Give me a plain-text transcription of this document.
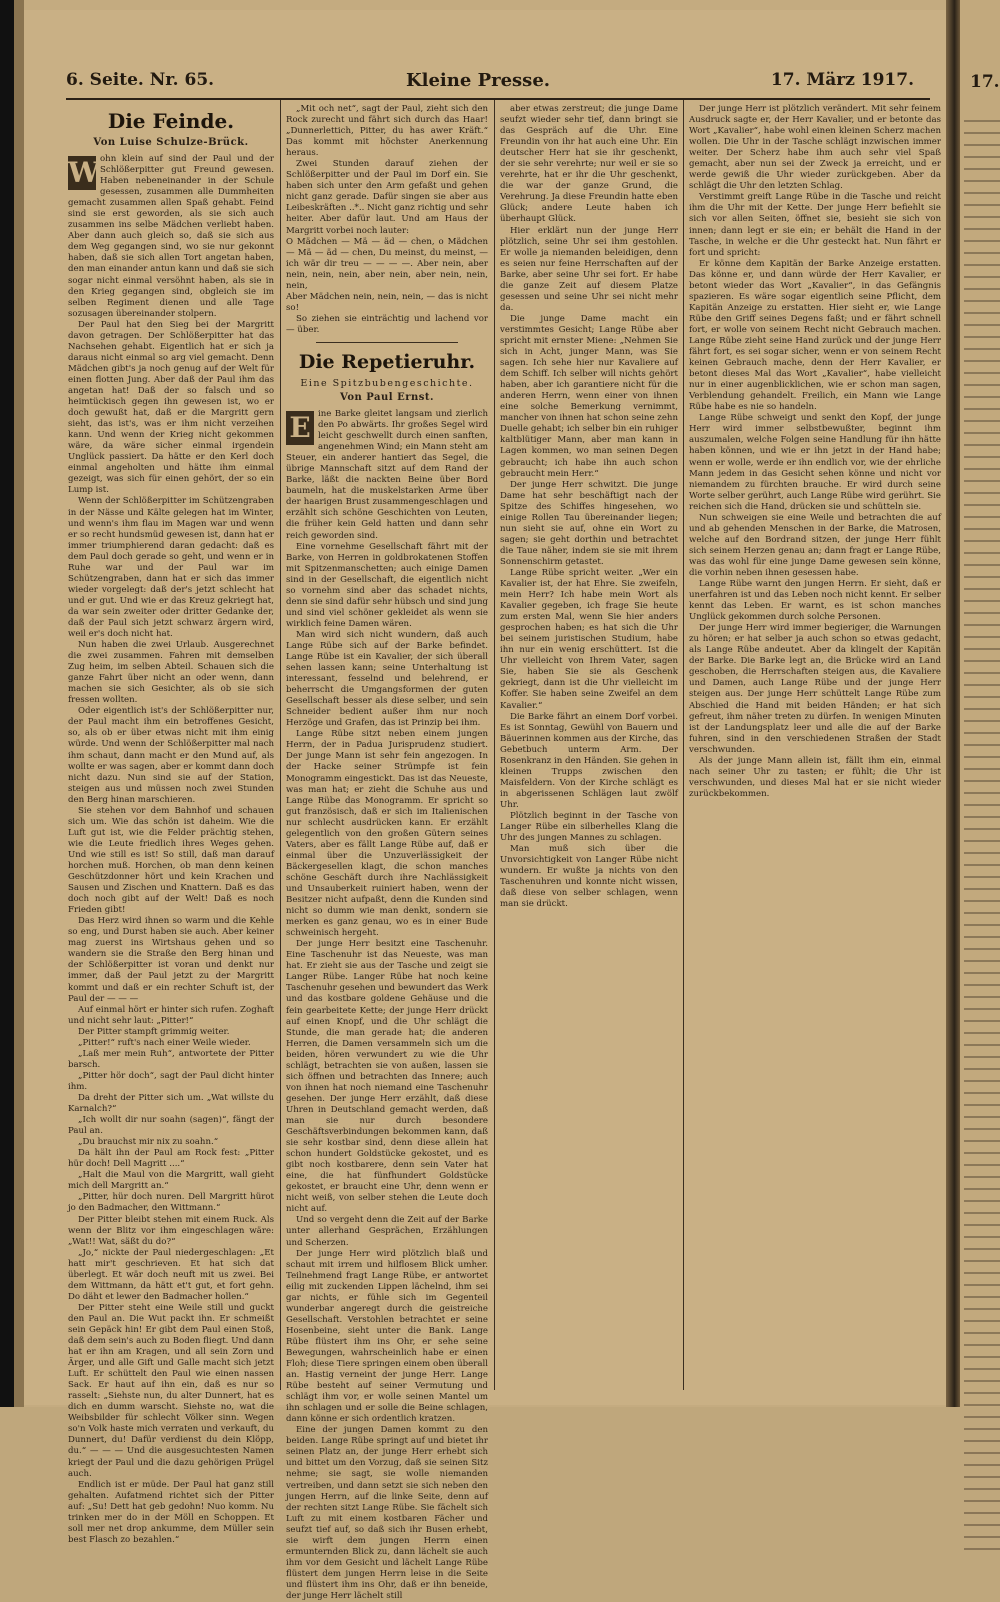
6. Seite. Nr. 65.	Kleine Presse.	17. März 1917.
Die Feinde.
Von Luise Schulze-Brück.
W ohn klein auf sind der Paul und der Schlößerpitter gut Freund gewesen. Haben nebeneinander in der Schule gesessen, zusammen alle Dummheiten gemacht zusammen allen Spaß gehabt. Feind sind sie erst geworden, als sie sich auch zusammen ins selbe Mädchen verliebt haben. Aber dann auch gleich so, daß sie sich aus dem Weg gegangen sind, wo sie nur gekonnt haben, daß sie sich allen Tort angetan haben, den man einander antun kann und daß sie sich sogar nicht einmal versöhnt haben, als sie in den Krieg gegangen sind, obgleich sie im selben Regiment dienen und alle Tage sozusagen übereinander stolpern.

Der Paul hat den Sieg bei der Margritt davon getragen. Der Schlößerpitter hat das Nachsehen gehabt. Eigentlich hat er sich ja daraus nicht einmal so arg viel gemacht. Denn Mädchen gibt's ja noch genug auf der Welt für einen flotten Jung. Aber daß der Paul ihm das angetan hat! Daß der so falsch und so heimtückisch gegen ihn gewesen ist, wo er doch gewußt hat, daß er die Margritt gern sieht, das ist's, was er ihm nicht verzeihen kann. Und wenn der Krieg nicht gekommen wäre, da wäre sicher einmal irgendein Unglück passiert. Da hätte er den Kerl doch einmal angeholten und hätte ihm einmal gezeigt, was sich für einen gehört, der so ein Lump ist.

Wenn der Schlößerpitter im Schützengraben in der Nässe und Kälte gelegen hat im Winter, und wenn's ihm flau im Magen war und wenn er so recht hundsmüd gewesen ist, dann hat er immer triumphierend daran gedacht: daß es dem Paul doch gerade so geht, und wenn er in Ruhe war und der Paul war im Schützengraben, dann hat er sich das immer wieder vorgelegt: daß der's jetzt schlecht hat und er gut. Und wie er das Kreuz gekriegt hat, da war sein zweiter oder dritter Gedanke der, daß der Paul sich jetzt schwarz ärgern wird, weil er's doch nicht hat.

Nun haben die zwei Urlaub. Ausgerechnet die zwei zusammen. Fahren mit demselben Zug heim, im selben Abteil. Schauen sich die ganze Fahrt über nicht an oder wenn, dann machen sie sich Gesichter, als ob sie sich fressen wollten.

Oder eigentlich ist's der Schlößerpitter nur, der Paul macht ihm ein betroffenes Gesicht, so, als ob er über etwas nicht mit ihm einig würde. Und wenn der Schlößerpitter mal nach ihm schaut, dann macht er den Mund auf, als wollte er was sagen, aber er kommt dann doch nicht dazu. Nun sind sie auf der Station, steigen aus und müssen noch zwei Stunden den Berg hinan marschieren.

Sie stehen vor dem Bahnhof und schauen sich um. Wie das schön ist daheim. Wie die Luft gut ist, wie die Felder prächtig stehen, wie die Leute friedlich ihres Weges gehen. Und wie still es ist! So still, daß man darauf horchen muß. Horchen, ob man denn keinen Geschützdonner hört und kein Krachen und Sausen und Zischen und Knattern. Daß es das doch noch gibt auf der Welt! Daß es noch Frieden gibt!

Das Herz wird ihnen so warm und die Kehle so eng, und Durst haben sie auch. Aber keiner mag zuerst ins Wirtshaus gehen und so wandern sie die Straße den Berg hinan und der Schlößerpitter ist voran und denkt nur immer, daß der Paul jetzt zu der Margritt kommt und daß er ein rechter Schuft ist, der Paul der — — —

Auf einmal hört er hinter sich rufen. Zoghaft und nicht sehr laut: „Pitter!“

Der Pitter stampft grimmig weiter.

„Pitter!“ ruft's nach einer Weile wieder.

„Laß mer mein Ruh“, antwortete der Pitter barsch.

„Pitter hör doch“, sagt der Paul dicht hinter ihm.

Da dreht der Pitter sich um. „Wat willste du Karnalch?“

„Ich wollt dir nur soahn (sagen)“, fängt der Paul an.

„Du brauchst mir nix zu soahn.“

Da hält ihn der Paul am Rock fest: „Pitter hür doch! Dell Magritt ....“

„Halt die Maul von die Margritt, wall gieht mich dell Margritt an.“

„Pitter, hür doch nuren. Dell Margritt hürot jo den Badmacher, den Wittmann.“

Der Pitter bleibt stehen mit einem Ruck. Als wenn der Blitz vor ihm eingeschlagen wäre: „Wat!! Wat, säßt du do?“

„Jo,“ nickte der Paul niedergeschlagen: „Et hatt mir't geschrieven. Et hat sich dat überlegt. Et wär doch neuft mit us zwei. Bei dem Wittmann, da hätt et't gut, et fort gehn. Do däht et lewer den Badmacher hollen.“

Der Pitter steht eine Weile still und guckt den Paul an. Die Wut packt ihn. Er schmeißt sein Gepäck hin! Er gibt dem Paul einen Stoß, daß dem sein's auch zu Boden fliegt. Und dann hat er ihn am Kragen, und all sein Zorn und Ärger, und alle Gift und Galle macht sich jetzt Luft. Er schüttelt den Paul wie einen nassen Sack. Er haut auf ihn ein, daß es nur so rasselt: „Siehste nun, du alter Dunnert, hat es dich en dumm warscht. Siehste no, wat die Weibsbilder für schlecht Völker sinn. Wegen so'n Volk haste mich verraten und verkauft, du Dunnert, du! Dafür verdienst du dein Klöpp, du.“ — — — Und die ausgesuchtesten Namen kriegt der Paul und die dazu gehörigen Prügel auch.

Endlich ist er müde. Der Paul hat ganz still gehalten. Aufatmend richtet sich der Pitter auf: „Su! Dett hat geb gedohn! Nuo komm. Nu trinken mer do in der Möll en Schoppen. Et soll mer net drop ankumme, dem Müller sein best Flasch zo bezahlen.“

„Mit och net“, sagt der Paul, zieht sich den Rock zurecht und fährt sich durch das Haar! „Dunnerlettich, Pitter, du has awer Kräft.“ Das kommt mit höchster Anerkennung heraus.

Zwei Stunden darauf ziehen der Schlößerpitter und der Paul im Dorf ein. Sie haben sich unter den Arm gefaßt und gehen nicht ganz gerade. Dafür singen sie aber aus Leibeskräften ..*.. Nicht ganz richtig und sehr heiter. Aber dafür laut. Und am Haus der Margritt vorbei noch lauter:

O Mädchen — Mä — äd — chen, o Mädchen — Mä — äd — chen, Du meinst, du meinst, — ich wär dir treu — — — —. Aber nein, aber nein, nein, nein, aber nein, aber nein, nein, nein,

Aber Mädchen nein, nein, nein, — das is nicht so!

So ziehen sie einträchtig und lachend vor — über.

Die Repetieruhr.
Eine Spitzbubengeschichte.
Von Paul Ernst.
E ine Barke gleitet langsam und zierlich den Po abwärts. Ihr großes Segel wird leicht geschwellt durch einen sanften, angenehmen Wind; ein Mann steht am Steuer, ein anderer hantiert das Segel, die übrige Mannschaft sitzt auf dem Rand der Barke, läßt die nackten Beine über Bord baumeln, hat die muskelstarken Arme über der haarigen Brust zusammengeschlagen und erzählt sich schöne Geschichten von Leuten, die früher kein Geld hatten und dann sehr reich geworden sind.

Eine vornehme Gesellschaft fährt mit der Barke, von Herren in goldbrokatenen Stoffen mit Spitzenmanschetten; auch einige Damen sind in der Gesellschaft, die eigentlich nicht so vornehm sind aber das schadet nichts, denn sie sind dafür sehr hübsch und sind jung und sind viel schöner gekleidet als wenn sie wirklich feine Damen wären.

Man wird sich nicht wundern, daß auch Lange Rübe sich auf der Barke befindet. Lange Rübe ist ein Kavalier, der sich überall sehen lassen kann; seine Unterhaltung ist interessant, fesselnd und belehrend, er beherrscht die Umgangsformen der guten Gesellschaft besser als diese selber, und sein Schneider bedient außer ihm nur noch Herzöge und Grafen, das ist Prinzip bei ihm.

Lange Rübe sitzt neben einem jungen Herrn, der in Padua Jurisprudenz studiert. Der junge Mann ist sehr fein angezogen. In der Hacke seiner Strümpfe ist fein Monogramm eingestickt. Das ist das Neueste, was man hat; er zieht die Schuhe aus und Lange Rübe das Monogramm. Er spricht so gut französisch, daß er sich im Italienischen nur schlecht ausdrücken kann. Er erzählt gelegentlich von den großen Gütern seines Vaters, aber es fällt Lange Rübe auf, daß er einmal über die Unzuverlässigkeit der Bäckergesellen klagt, die schon manches schöne Geschäft durch ihre Nachlässigkeit und Unsauberkeit ruiniert haben, wenn der Besitzer nicht aufpaßt, denn die Kunden sind nicht so dumm wie man denkt, sondern sie merken es ganz genau, wo es in einer Bude schweinisch hergeht.

Der junge Herr besitzt eine Taschenuhr. Eine Taschenuhr ist das Neueste, was man hat. Er zieht sie aus der Tasche und zeigt sie Langer Rübe. Langer Rübe hat noch keine Taschenuhr gesehen und bewundert das Werk und das kostbare goldene Gehäuse und die fein gearbeitete Kette; der junge Herr drückt auf einen Knopf, und die Uhr schlägt die Stunde, die man gerade hat; die anderen Herren, die Damen versammeln sich um die beiden, hören verwundert zu wie die Uhr schlägt, betrachten sie von außen, lassen sie sich öffnen und betrachten das Innere; auch von ihnen hat noch niemand eine Taschenuhr gesehen. Der junge Herr erzählt, daß diese Uhren in Deutschland gemacht werden, daß man sie nur durch besondere Geschäftsverbindungen bekommen kann, daß sie sehr kostbar sind, denn diese allein hat schon hundert Goldstücke gekostet, und es gibt noch kostbarere, denn sein Vater hat eine, die hat fünfhundert Goldstücke gekostet, er braucht eine Uhr, denn wenn er nicht weiß, von selber stehen die Leute doch nicht auf.

Und so vergeht denn die Zeit auf der Barke unter allerhand Gesprächen, Erzählungen und Scherzen.

Der junge Herr wird plötzlich blaß und schaut mit irrem und hilflosem Blick umher. Teilnehmend fragt Lange Rübe, er antwortet eilig mit zuckenden Lippen lächelnd, ihm sei gar nichts, er fühle sich im Gegenteil wunderbar angeregt durch die geistreiche Gesellschaft. Verstohlen betrachtet er seine Hosenbeine, sieht unter die Bank. Lange Rübe flüstert ihm ins Ohr, er sehe seine Bewegungen, wahrscheinlich habe er einen Floh; diese Tiere springen einem oben überall an. Hastig verneint der junge Herr. Lange Rübe besteht auf seiner Vermutung und schlägt ihm vor, er wolle seinen Mantel um ihn schlagen und er solle die Beine schlagen, dann könne er sich ordentlich kratzen.

Eine der jungen Damen kommt zu den beiden. Lange Rübe springt auf und bietet ihr seinen Platz an, der junge Herr erhebt sich und bittet um den Vorzug, daß sie seinen Sitz nehme; sie sagt, sie wolle niemanden vertreiben, und dann setzt sie sich neben den jungen Herrn, auf die linke Seite, denn auf der rechten sitzt Lange Rübe. Sie fächelt sich Luft zu mit einem kostbaren Fächer und seufzt tief auf, so daß sich ihr Busen erhebt, sie wirft dem jungen Herrn einen ermunternden Blick zu, dann lächelt sie auch ihm vor dem Gesicht und lächelt Lange Rübe flüstert dem jungen Herrn leise in die Seite und flüstert ihm ins Ohr, daß er ihn beneide, der junge Herr lächelt still

aber etwas zerstreut; die junge Dame seufzt wieder sehr tief, dann bringt sie das Gespräch auf die Uhr. Eine Freundin von ihr hat auch eine Uhr. Ein deutscher Herr hat sie ihr geschenkt, der sie sehr verehrte; nur weil er sie so verehrte, hat er ihr die Uhr geschenkt, die war der ganze Grund, die Verehrung. Ja diese Freundin hatte eben Glück; andere Leute haben ich überhaupt Glück.

Hier erklärt nun der junge Herr plötzlich, seine Uhr sei ihm gestohlen. Er wolle ja niemanden beleidigen, denn es seien nur feine Herrschaften auf der Barke, aber seine Uhr sei fort. Er habe die ganze Zeit auf diesem Platze gesessen und seine Uhr sei nicht mehr da.

Die junge Dame macht ein verstimmtes Gesicht; Lange Rübe aber spricht mit ernster Miene: „Nehmen Sie sich in Acht, junger Mann, was Sie sagen. Ich sehe hier nur Kavaliere auf dem Schiff. Ich selber will nichts gehört haben, aber ich garantiere nicht für die anderen Herrn, wenn einer von ihnen eine solche Bemerkung vernimmt, mancher von ihnen hat schon seine zehn Duelle gehabt; ich selber bin ein ruhiger kaltblütiger Mann, aber man kann in Lagen kommen, wo man seinen Degen gebraucht; ich habe ihn auch schon gebraucht mein Herr.“

Der junge Herr schwitzt. Die junge Dame hat sehr beschäftigt nach der Spitze des Schiffes hingesehen, wo einige Rollen Tau übereinander liegen; nun sieht sie auf, ohne ein Wort zu sagen; sie geht dorthin und betrachtet die Taue näher, indem sie sie mit ihrem Sonnenschirm getastet.

Lange Rübe spricht weiter. „Wer ein Kavalier ist, der hat Ehre. Sie zweifeln, mein Herr? Ich habe mein Wort als Kavalier gegeben, ich frage Sie heute zum ersten Mal, wenn Sie hier anders gesprochen haben; es hat sich die Uhr bei seinem juristischen Studium, habe ihn nur ein wenig erschüttert. Ist die Uhr vielleicht von Ihrem Vater, sagen Sie, haben Sie sie als Geschenk gekriegt, dann ist die Uhr vielleicht im Koffer. Sie haben seine Zweifel an dem Kavalier.“

Die Barke fährt an einem Dorf vorbei. Es ist Sonntag, Gewühl von Bauern und Bäuerinnen kommen aus der Kirche, das Gebetbuch unterm Arm. Der Rosenkranz in den Händen. Sie gehen in kleinen Trupps zwischen den Maisfeldern. Von der Kirche schlägt es in abgerissenen Schlägen laut zwölf Uhr.

Plötzlich beginnt in der Tasche von Langer Rübe ein silberhelles Klang die Uhr des jungen Mannes zu schlagen.

Man muß sich über die Unvorsichtigkeit von Langer Rübe nicht wundern. Er wußte ja nichts von den Taschenuhren und konnte nicht wissen, daß diese von selber schlagen, wenn man sie drückt.

Der junge Herr ist plötzlich verändert. Mit sehr feinem Ausdruck sagte er, der Herr Kavalier, und er betonte das Wort „Kavalier“, habe wohl einen kleinen Scherz machen wollen. Die Uhr in der Tasche schlägt inzwischen immer weiter. Der Scherz habe ihm auch sehr viel Spaß gemacht, aber nun sei der Zweck ja erreicht, und er werde gewiß die Uhr wieder zurückgeben. Aber da schlägt die Uhr den letzten Schlag.

Verstimmt greift Lange Rübe in die Tasche und reicht ihm die Uhr mit der Kette. Der junge Herr befiehlt sie sich vor allen Seiten, öffnet sie, besieht sie sich von innen; dann legt er sie ein; er behält die Hand in der Tasche, in welche er die Uhr gesteckt hat. Nun fährt er fort und spricht:

Er könne dem Kapitän der Barke Anzeige erstatten. Das könne er, und dann würde der Herr Kavalier, er betont wieder das Wort „Kavalier“, in das Gefängnis spazieren. Es wäre sogar eigentlich seine Pflicht, dem Kapitän Anzeige zu erstatten. Hier sieht er, wie Lange Rübe den Griff seines Degens faßt; und er fährt schnell fort, er wolle von seinem Recht nicht Gebrauch machen. Lange Rübe zieht seine Hand zurück und der junge Herr fährt fort, es sei sogar sicher, wenn er von seinem Recht keinen Gebrauch mache, denn der Herr Kavalier, er betont dieses Mal das Wort „Kavalier“, habe vielleicht nur in einer augenblicklichen, wie er schon man sagen, Verblendung gehandelt. Freilich, ein Mann wie Lange Rübe habe es nie so handeln.

Lange Rübe schweigt und senkt den Kopf, der junge Herr wird immer selbstbewußter, beginnt ihm auszumalen, welche Folgen seine Handlung für ihn hätte haben können, und wie er ihn jetzt in der Hand habe; wenn er wolle, werde er ihn endlich vor, wie der ehrliche Mann jedem in das Gesicht sehen könne und nicht vor niemandem zu fürchten brauche. Er wird durch seine Worte selber gerührt, auch Lange Rübe wird gerührt. Sie reichen sich die Hand, drücken sie und schütteln sie.

Nun schweigen sie eine Weile und betrachten die auf und ab gehenden Menschen in der Barke, die Matrosen, welche auf den Bordrand sitzen, der junge Herr fühlt sich seinem Herzen genau an; dann fragt er Lange Rübe, was das wohl für eine junge Dame gewesen sein könne, die vorhin neben ihnen gesessen habe.

Lange Rübe warnt den jungen Herrn. Er sieht, daß er unerfahren ist und das Leben noch nicht kennt. Er selber kennt das Leben. Er warnt, es ist schon manches Unglück gekommen durch solche Personen.

Der junge Herr wird immer begieriger, die Warnungen zu hören; er hat selber ja auch schon so etwas gedacht, als Lange Rübe andeutet. Aber da klingelt der Kapitän der Barke. Die Barke legt an, die Brücke wird an Land geschoben, die Herrschaften steigen aus, die Kavaliere und Damen, auch Lange Rübe und der junge Herr steigen aus. Der junge Herr schüttelt Lange Rübe zum Abschied die Hand mit beiden Händen; er hat sich gefreut, ihm näher treten zu dürfen. In wenigen Minuten ist der Landungsplatz leer und alle die auf der Barke fuhren, sind in den verschiedenen Straßen der Stadt verschwunden.

Als der junge Mann allein ist, fällt ihm ein, einmal nach seiner Uhr zu tasten; er fühlt; die Uhr ist verschwunden, und dieses Mal hat er sie nicht wieder zurückbekommen.

17.
